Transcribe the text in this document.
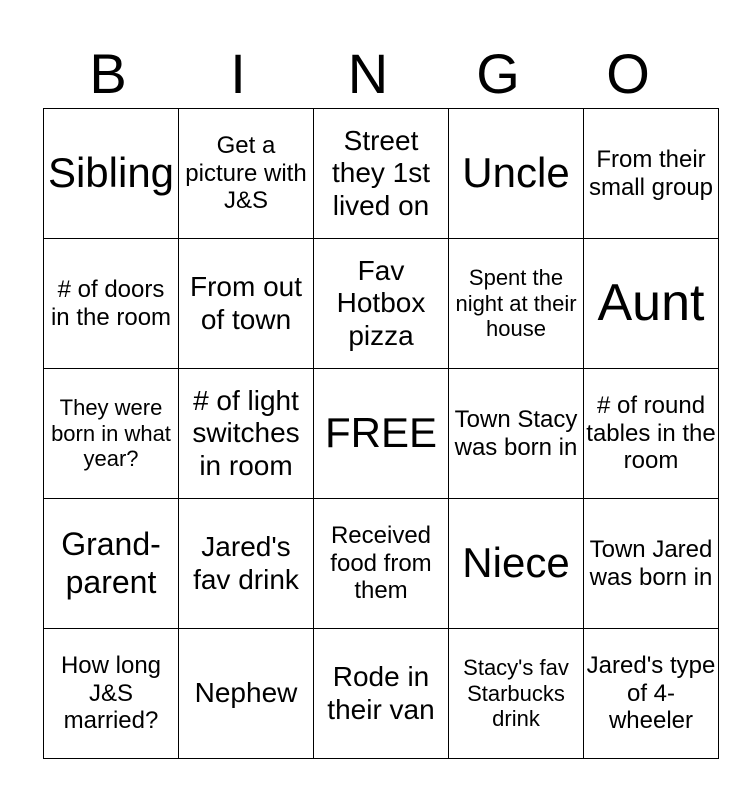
B	I	N	G	O
Sibling	Get a picture with J&S	Street they 1st lived on	Uncle	From their small group
# of doors in the room	From out of town	Fav Hotbox pizza	Spent the night at their house	Aunt
They were born in what year?	# of light switches in room	FREE	Town Stacy was born in	# of round tables in the room
Grand-parent	Jared's fav drink	Received food from them	Niece	Town Jared was born in
How long J&S married?	Nephew	Rode in their van	Stacy's fav Starbucks drink	Jared's type of 4-wheeler
